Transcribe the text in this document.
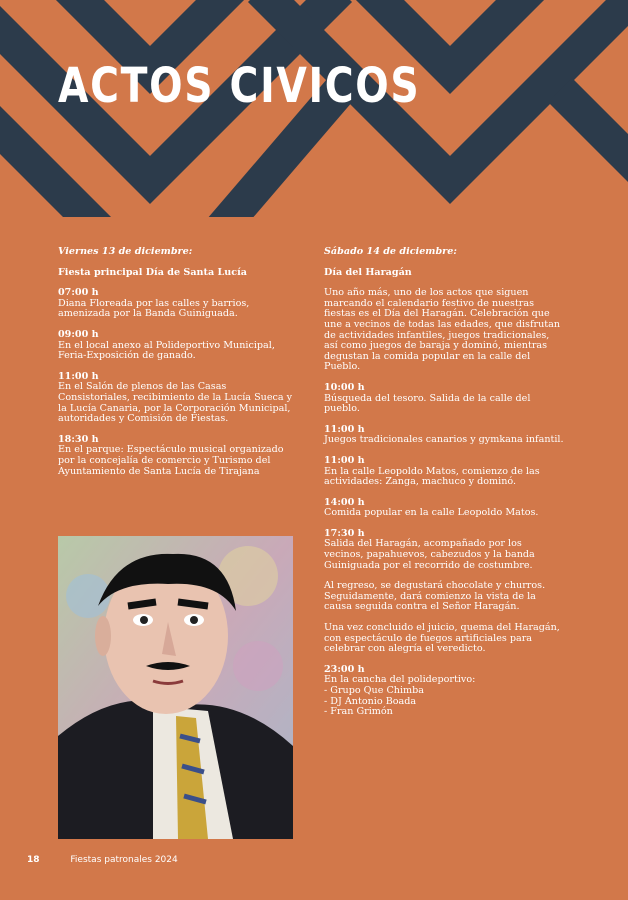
ACTOS CIVICOS
Viernes 13 de diciembre:
Fiesta principal Día de Santa Lucía
07:00 h
Diana Floreada por las calles y barrios, amenizada por la Banda Guiniguada.
09:00 h
En el local anexo al Polideportivo Municipal, Feria-Exposición de ganado.
11:00 h
En el Salón de plenos de las Casas Consistoriales, recibimiento de la Lucía Sueca y la Lucía Canaria, por la Corporación Municipal, autoridades y Comisión de Fiestas.
18:30 h
En el parque: Espectáculo musical organizado por la concejalía de comercio y Turismo del Ayuntamiento de Santa Lucía de Tirajana
Sábado 14 de diciembre:
Día del Haragán
Uno año más, uno de los actos que siguen marcando el calendario festivo de nuestras fiestas es el Día del Haragán. Celebración que une a vecinos de todas las edades, que disfrutan de actividades infantiles, juegos tradicionales, así como juegos de baraja y dominó, mientras degustan la comida popular en la calle del Pueblo.
10:00 h
Búsqueda del tesoro. Salida de la calle del pueblo.
11:00 h
Juegos tradicionales canarios y gymkana infantil.
11:00 h
En la calle Leopoldo Matos, comienzo de las actividades: Zanga, machuco y dominó.
14:00 h
Comida popular en la calle Leopoldo Matos.
17:30 h
Salida del Haragán, acompañado por los vecinos, papahuevos, cabezudos y la banda Guiniguada por el recorrido de costumbre.
Al regreso, se degustará chocolate y churros. Seguidamente, dará comienzo la vista de la causa seguida contra el Señor Haragán.
Una vez concluido el juicio, quema del Haragán, con espectáculo de fuegos artificiales para celebrar con alegría el veredicto.
23:00 h
En la cancha del polideportivo:
- Grupo Que Chimba
- DJ Antonio Boada
- Fran Grimón
18	Fiestas patronales 2024
